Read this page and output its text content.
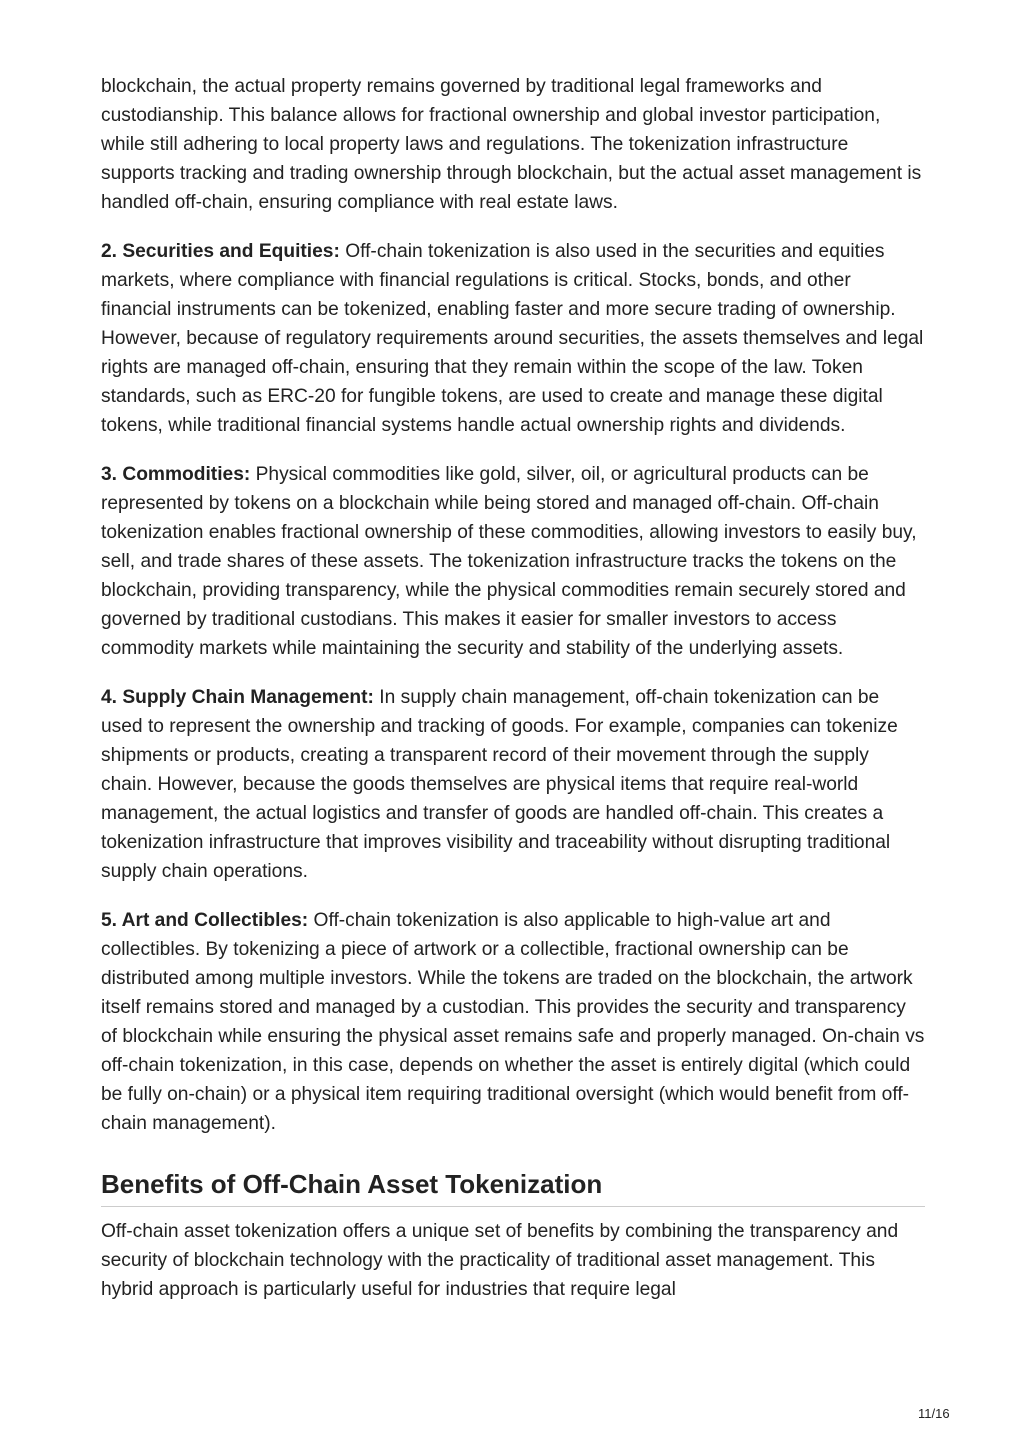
blockchain, the actual property remains governed by traditional legal frameworks and custodianship. This balance allows for fractional ownership and global investor participation, while still adhering to local property laws and regulations. The tokenization infrastructure supports tracking and trading ownership through blockchain, but the actual asset management is handled off-chain, ensuring compliance with real estate laws.

2. Securities and Equities: Off-chain tokenization is also used in the securities and equities markets, where compliance with financial regulations is critical. Stocks, bonds, and other financial instruments can be tokenized, enabling faster and more secure trading of ownership. However, because of regulatory requirements around securities, the assets themselves and legal rights are managed off-chain, ensuring that they remain within the scope of the law. Token standards, such as ERC-20 for fungible tokens, are used to create and manage these digital tokens, while traditional financial systems handle actual ownership rights and dividends.

3. Commodities: Physical commodities like gold, silver, oil, or agricultural products can be represented by tokens on a blockchain while being stored and managed off-chain. Off-chain tokenization enables fractional ownership of these commodities, allowing investors to easily buy, sell, and trade shares of these assets. The tokenization infrastructure tracks the tokens on the blockchain, providing transparency, while the physical commodities remain securely stored and governed by traditional custodians. This makes it easier for smaller investors to access commodity markets while maintaining the security and stability of the underlying assets.

4. Supply Chain Management: In supply chain management, off-chain tokenization can be used to represent the ownership and tracking of goods. For example, companies can tokenize shipments or products, creating a transparent record of their movement through the supply chain. However, because the goods themselves are physical items that require real-world management, the actual logistics and transfer of goods are handled off-chain. This creates a tokenization infrastructure that improves visibility and traceability without disrupting traditional supply chain operations.

5. Art and Collectibles: Off-chain tokenization is also applicable to high-value art and collectibles. By tokenizing a piece of artwork or a collectible, fractional ownership can be distributed among multiple investors. While the tokens are traded on the blockchain, the artwork itself remains stored and managed by a custodian. This provides the security and transparency of blockchain while ensuring the physical asset remains safe and properly managed. On-chain vs off-chain tokenization, in this case, depends on whether the asset is entirely digital (which could be fully on-chain) or a physical item requiring traditional oversight (which would benefit from off-chain management).

Benefits of Off-Chain Asset Tokenization

Off-chain asset tokenization offers a unique set of benefits by combining the transparency and security of blockchain technology with the practicality of traditional asset management. This hybrid approach is particularly useful for industries that require legal

11/16
